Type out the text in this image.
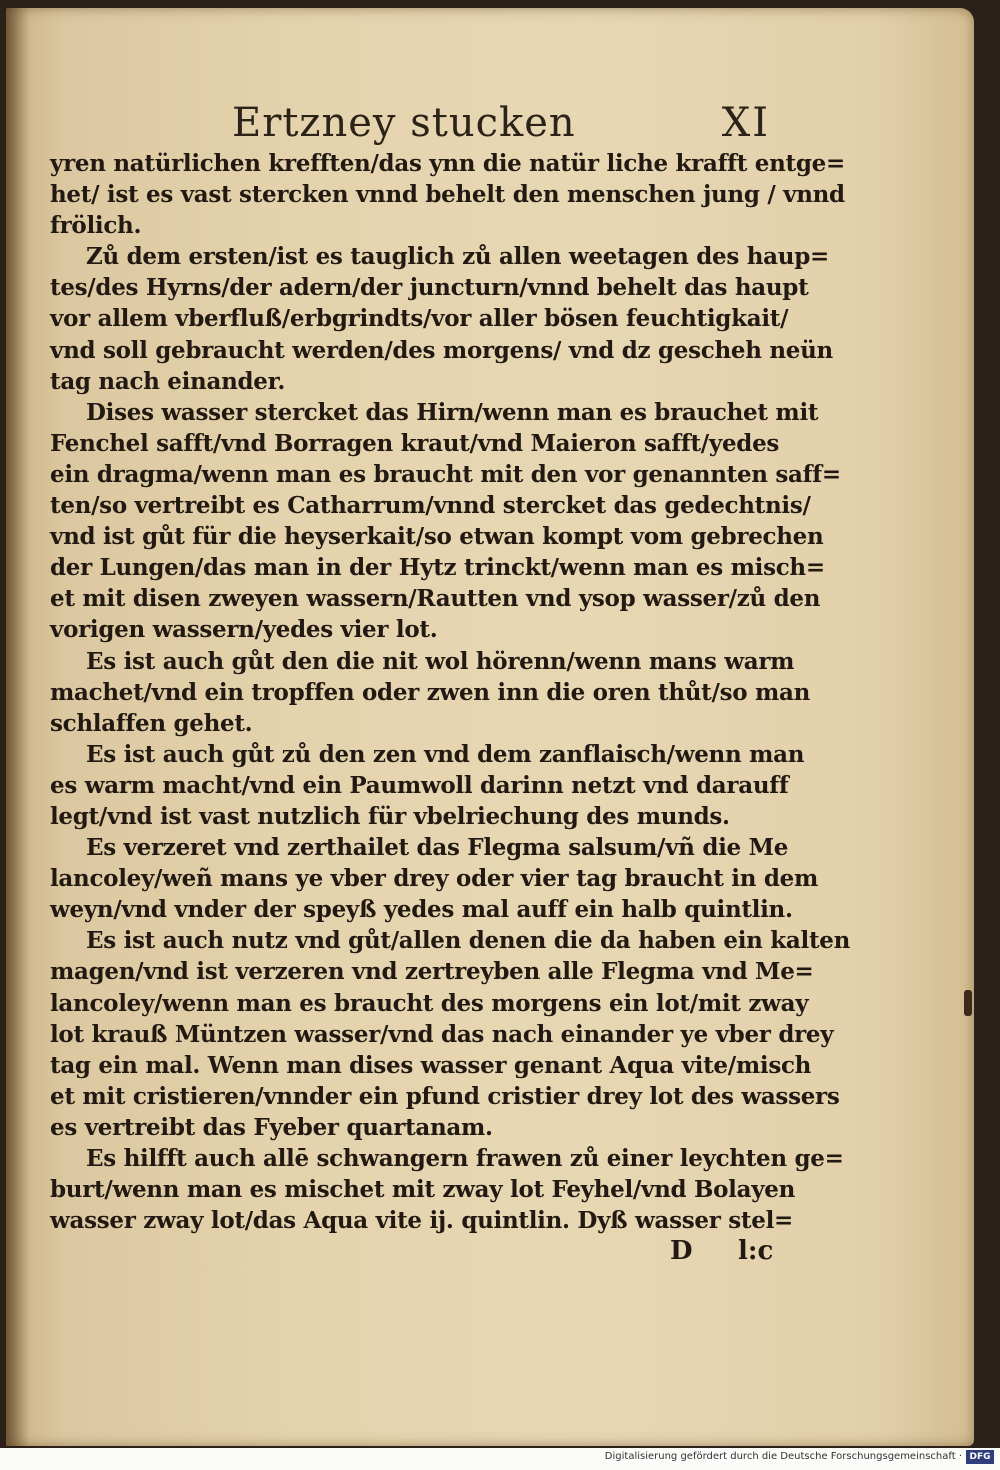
Ertzney stucken	XI
yren natürlichen krefften/das ynn die natür liche krafft entge=
het/ ist es vast stercken vnnd behelt den menschen jung / vnnd
frölich.
Zů dem ersten/ist es tauglich zů allen weetagen des haup=
tes/des Hyrns/der adern/der juncturn/vnnd behelt das haupt
vor allem vberfluß/erbgrindts/vor aller bösen feuchtigkait/
vnd soll gebraucht werden/des morgens/ vnd dz gescheh neün
tag nach einander.
Dises wasser stercket das Hirn/wenn man es brauchet mit
Fenchel safft/vnd Borragen kraut/vnd Maieron safft/yedes
ein dragma/wenn man es braucht mit den vor genannten saff=
ten/so vertreibt es Catharrum/vnnd stercket das gedechtnis/
vnd ist gůt für die heyserkait/so etwan kompt vom gebrechen
der Lungen/das man in der Hytz trinckt/wenn man es misch=
et mit disen zweyen wassern/Rautten vnd ysop wasser/zů den
vorigen wassern/yedes vier lot.
Es ist auch gůt den die nit wol hörenn/wenn mans warm
machet/vnd ein tropffen oder zwen inn die oren thůt/so man
schlaffen gehet.
Es ist auch gůt zů den zen vnd dem zanflaisch/wenn man
es warm macht/vnd ein Paumwoll darinn netzt vnd darauff
legt/vnd ist vast nutzlich für vbelriechung des munds.
Es verzeret vnd zerthailet das Flegma salsum/vñ die Me
lancoley/weñ mans ye vber drey oder vier tag braucht in dem
weyn/vnd vnder der speyß yedes mal auff ein halb quintlin.
Es ist auch nutz vnd gůt/allen denen die da haben ein kalten
magen/vnd ist verzeren vnd zertreyben alle Flegma vnd Me=
lancoley/wenn man es braucht des morgens ein lot/mit zway
lot krauß Müntzen wasser/vnd das nach einander ye vber drey
tag ein mal. Wenn man dises wasser genant Aqua vite/misch
et mit cristieren/vnnder ein pfund cristier drey lot des wassers
es vertreibt das Fyeber quartanam.
Es hilfft auch allē schwangern frawen zů einer leychten ge=
burt/wenn man es mischet mit zway lot Feyhel/vnd Bolayen
wasser zway lot/das Aqua vite ij. quintlin. Dyß wasser stel=
D l:c
Digitalisierung gefördert durch die Deutsche Forschungsgemeinschaft · DFG
